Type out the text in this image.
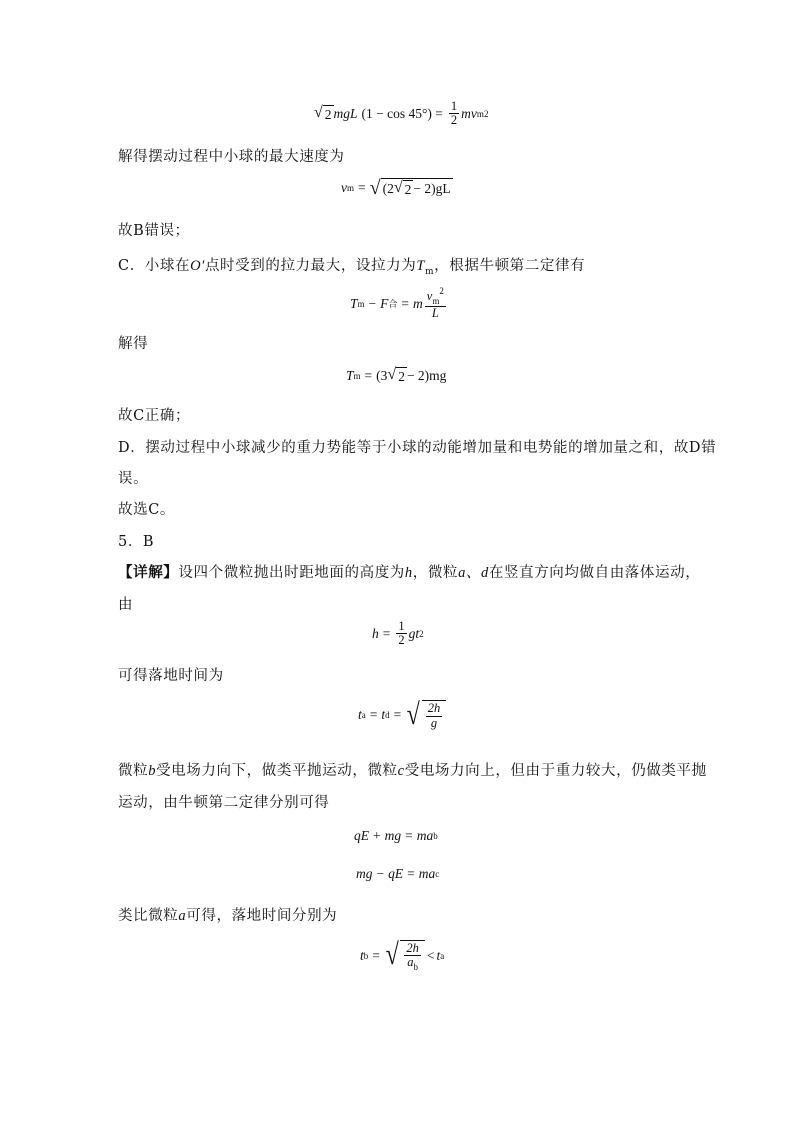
√ 2 mgL $(1 - \cos 45^\circ) = \frac{1}{2}$ mv m 2
解得摆动过程中小球的最大速度为
v m = √ (2 √ 2 − 2)gL
故B错误；
C．小球在O′点时受到的拉力最大，设拉力为$T_m$，根据牛顿第二定律有
T m − F 合 = m $\frac{v_m^2}{L}$
解得
T m = (3 √ 2 − 2)mg
故C正确；
D．摆动过程中小球减少的重力势能等于小球的动能增加量和电势能的增加量之和，故D错
误。
故选C。
5．B
【详解】设四个微粒抛出时距地面的高度为h，微粒a、d在竖直方向均做自由落体运动，
由
$h = \frac{1}{2}$ gt 2
可得落地时间为
t a = t d = √ $\frac{2h}{g}$
微粒b受电场力向下，做类平抛运动，微粒c受电场力向上，但由于重力较大，仍做类平抛
运动，由牛顿第二定律分别可得
qE + mg = ma b
mg − qE = ma c
类比微粒a可得，落地时间分别为
t b = √ $\frac{2h}{a_b} < t$ a
